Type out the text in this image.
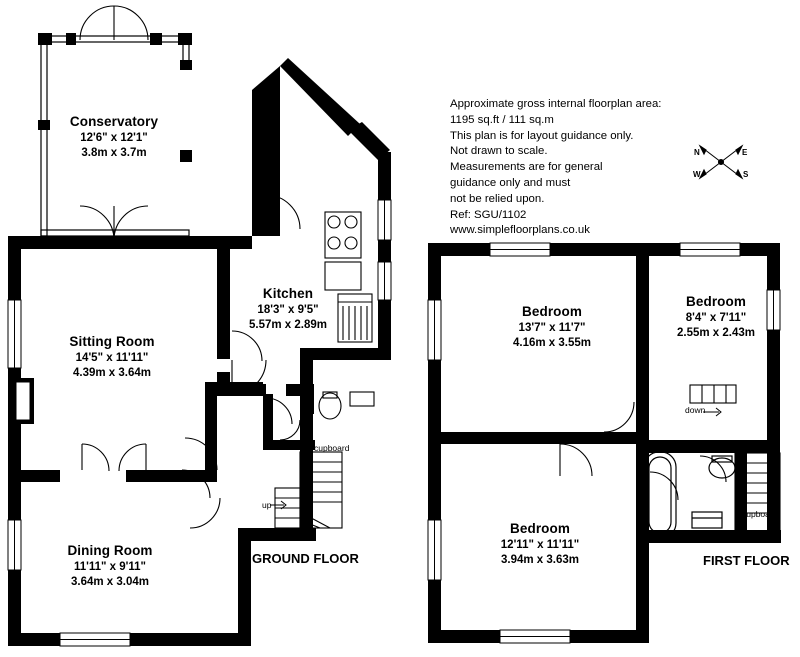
N	E
S
W
Approximate gross internal floorplan area:
1195 sq.ft / 111 sq.m
This plan is for layout guidance only.
Not drawn to scale.
Measurements are for general
guidance only and must
not be relied upon.
Ref: SGU/1102
www.simplefloorplans.co.uk
Conservatory
12'6" x 12'1"
3.8m x 3.7m
Kitchen
18'3" x 9'5"
5.57m x 2.89m
Sitting Room
14'5" x 11'11"
4.39m x 3.64m
Dining Room
11'11" x 9'11"
3.64m x 3.04m
cupboard
up
GROUND FLOOR
Bedroom
13'7" x 11'7"
4.16m x 3.55m
Bedroom
8'4" x 7'11"
2.55m x 2.43m
Bedroom
12'11" x 11'11"
3.94m x 3.63m
down
cupboard
FIRST FLOOR
